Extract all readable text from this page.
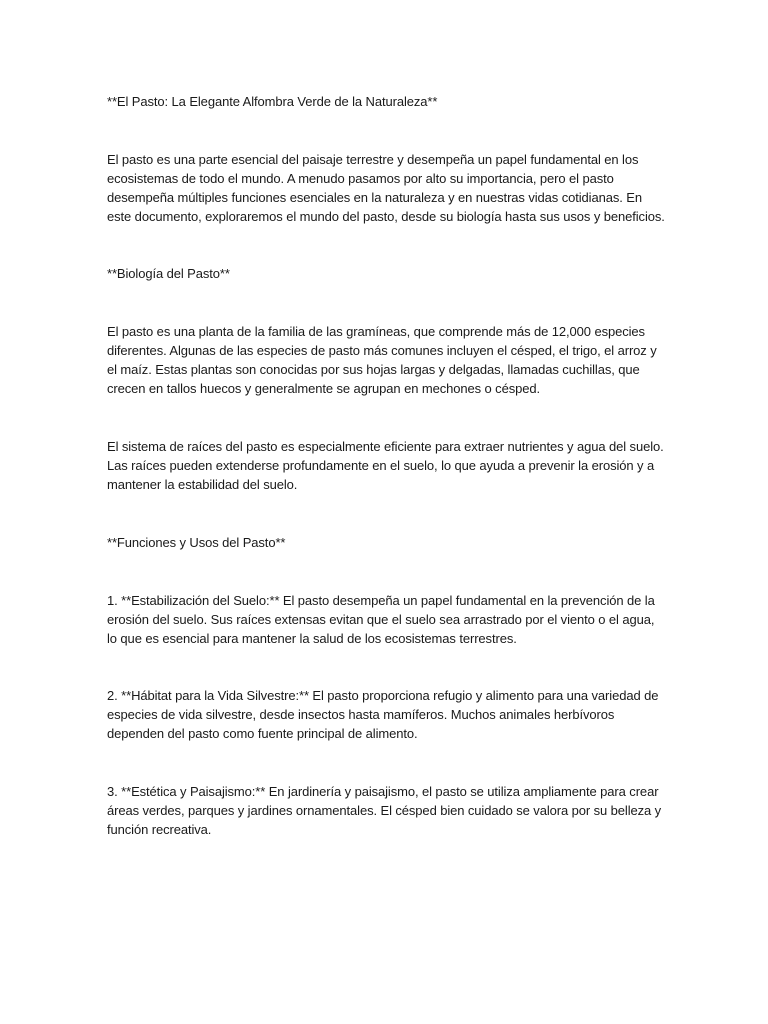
**El Pasto: La Elegante Alfombra Verde de la Naturaleza**

El pasto es una parte esencial del paisaje terrestre y desempeña un papel fundamental en los ecosistemas de todo el mundo. A menudo pasamos por alto su importancia, pero el pasto desempeña múltiples funciones esenciales en la naturaleza y en nuestras vidas cotidianas. En este documento, exploraremos el mundo del pasto, desde su biología hasta sus usos y beneficios.

**Biología del Pasto**

El pasto es una planta de la familia de las gramíneas, que comprende más de 12,000 especies diferentes. Algunas de las especies de pasto más comunes incluyen el césped, el trigo, el arroz y el maíz. Estas plantas son conocidas por sus hojas largas y delgadas, llamadas cuchillas, que crecen en tallos huecos y generalmente se agrupan en mechones o césped.

El sistema de raíces del pasto es especialmente eficiente para extraer nutrientes y agua del suelo. Las raíces pueden extenderse profundamente en el suelo, lo que ayuda a prevenir la erosión y a mantener la estabilidad del suelo.

**Funciones y Usos del Pasto**

1. **Estabilización del Suelo:** El pasto desempeña un papel fundamental en la prevención de la erosión del suelo. Sus raíces extensas evitan que el suelo sea arrastrado por el viento o el agua, lo que es esencial para mantener la salud de los ecosistemas terrestres.

2. **Hábitat para la Vida Silvestre:** El pasto proporciona refugio y alimento para una variedad de especies de vida silvestre, desde insectos hasta mamíferos. Muchos animales herbívoros dependen del pasto como fuente principal de alimento.

3. **Estética y Paisajismo:** En jardinería y paisajismo, el pasto se utiliza ampliamente para crear áreas verdes, parques y jardines ornamentales. El césped bien cuidado se valora por su belleza y función recreativa.
